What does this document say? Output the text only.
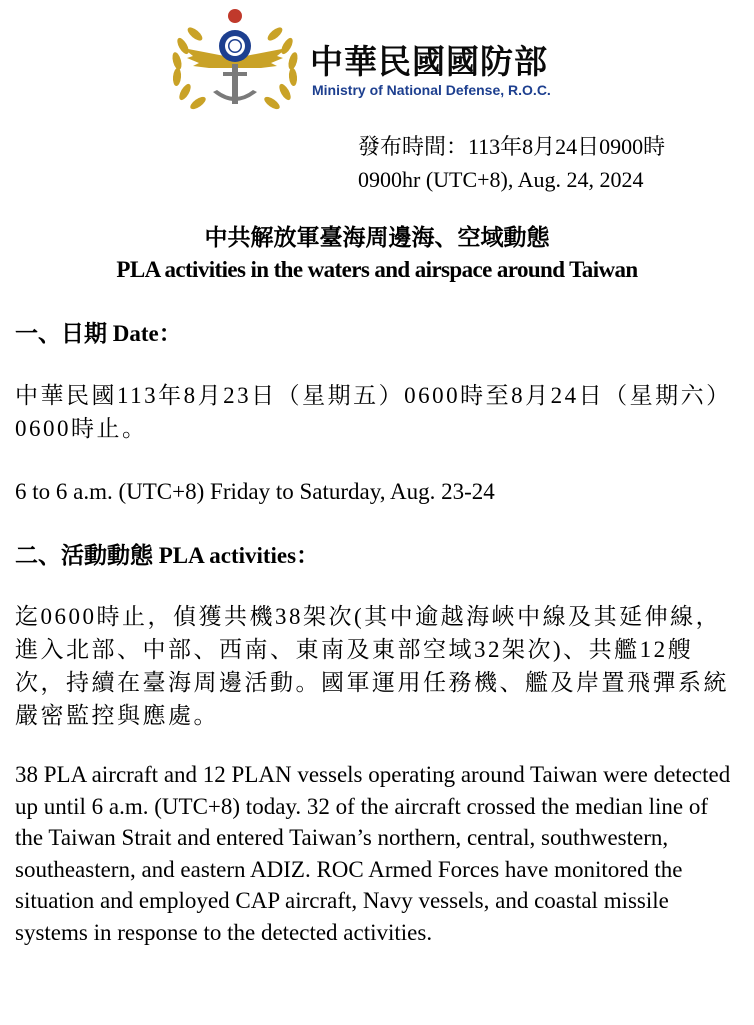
中華民國國防部
Ministry of National Defense, R.O.C.
發布時間：113年8月24日0900時
0900hr (UTC+8), Aug. 24, 2024
中共解放軍臺海周邊海、空域動態
PLA activities in the waters and airspace around Taiwan
一、日期 Date：
中華民國113年8月23日（星期五）0600時至8月24日（星期六）0600時止。
6 to 6 a.m. (UTC+8) Friday to Saturday, Aug. 23-24
二、活動動態 PLA activities：
迄0600時止，偵獲共機38架次(其中逾越海峽中線及其延伸線，進入北部、中部、西南、東南及東部空域32架次)、共艦12艘次，持續在臺海周邊活動。國軍運用任務機、艦及岸置飛彈系統嚴密監控與應處。
38 PLA aircraft and 12 PLAN vessels operating around Taiwan were detected up until 6 a.m. (UTC+8) today. 32 of the aircraft crossed the median line of the Taiwan Strait and entered Taiwan’s northern, central, southwestern, southeastern, and eastern ADIZ. ROC Armed Forces have monitored the situation and employed CAP aircraft, Navy vessels, and coastal missile systems in response to the detected activities.
